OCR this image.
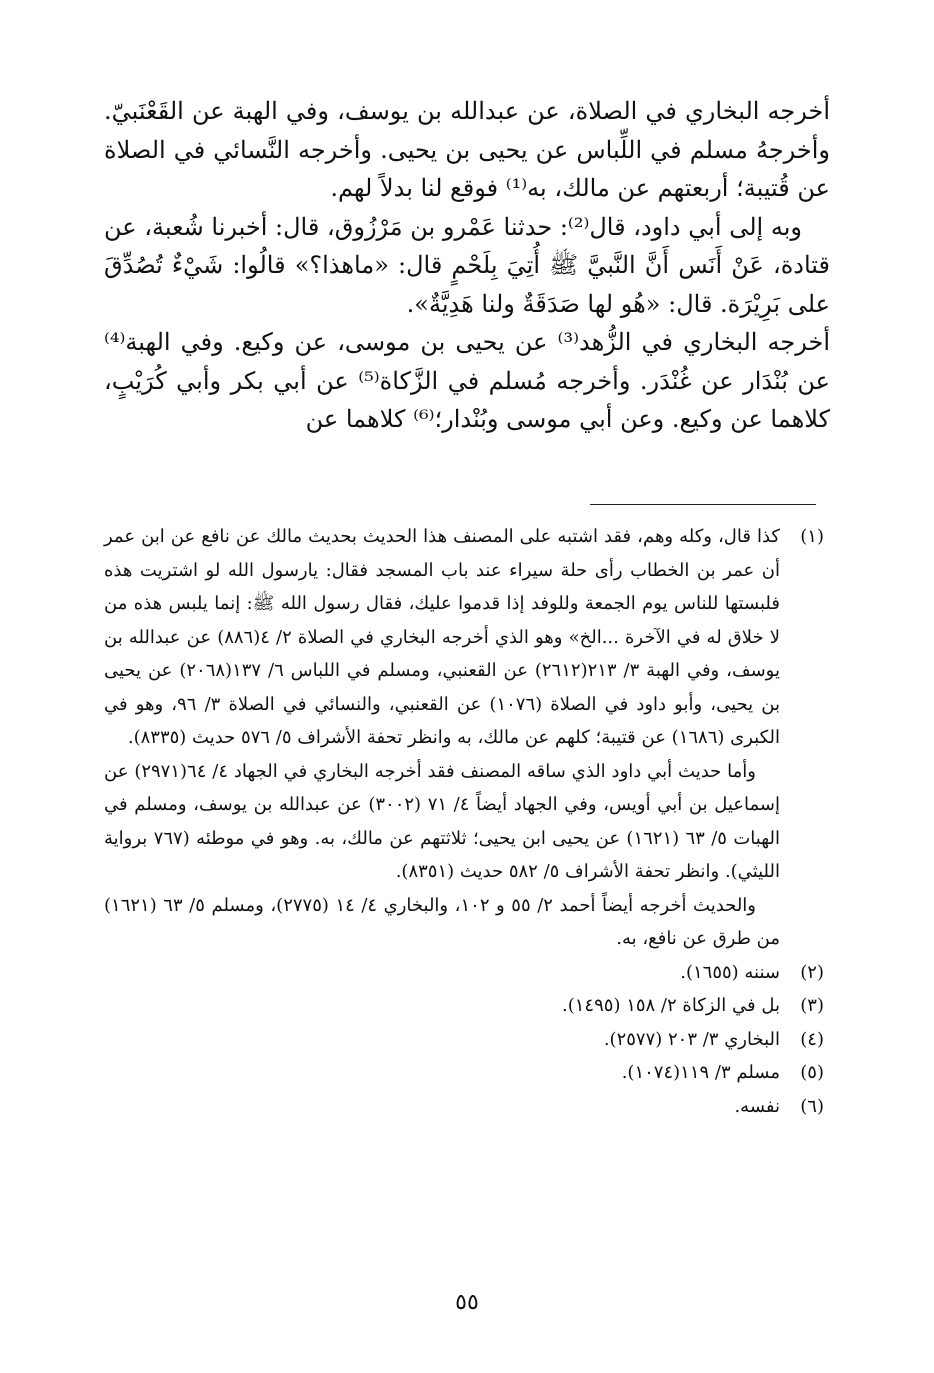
أخرجه البخاري في الصلاة، عن عبدالله بن يوسف، وفي الهبة عن القَعْنَبيّ. وأخرجهُ مسلم في اللِّباس عن يحيى بن يحيى. وأخرجه النَّسائي في الصلاة عن قُتيبة؛ أربعتهم عن مالك، به⁽¹⁾ فوقع لنا بدلاً لهم.

وبه إلى أبي داود، قال⁽²⁾: حدثنا عَمْرو بن مَرْزُوق، قال: أخبرنا شُعبة، عن قتادة، عَنْ أَنَس أَنَّ النَّبيَّ ﷺ أُتِيَ بِلَحْمٍ قال: «ماهذا؟» قالُوا: شَيْءٌ تُصُدِّقَ على بَرِيْرَة. قال: «هُو لها صَدَقَةٌ ولنا هَدِيَّةٌ».

أخرجه البخاري في الزُّهد⁽³⁾ عن يحيى بن موسى، عن وكيع. وفي الهبة⁽⁴⁾ عن بُنْدَار عن غُنْدَر. وأخرجه مُسلم في الزَّكاة⁽⁵⁾ عن أبي بكر وأبي كُرَيْبٍ، كلاهما عن وكيع. وعن أبي موسى وبُنْدار؛⁽⁶⁾ كلاهما عن

(١)

كذا قال، وكله وهم، فقد اشتبه على المصنف هذا الحديث بحديث مالك عن نافع عن ابن عمر أن عمر بن الخطاب رأى حلة سيراء عند باب المسجد فقال: يارسول الله لو اشتريت هذه فلبستها للناس يوم الجمعة وللوفد إذا قدموا عليك، فقال رسول الله ﷺ: إنما يلبس هذه من لا خلاق له في الآخرة ...الخ» وهو الذي أخرجه البخاري في الصلاة ٢/ ٤(٨٨٦) عن عبدالله بن يوسف، وفي الهبة ٣/ ٢١٣(٢٦١٢) عن القعنبي، ومسلم في اللباس ٦/ ١٣٧(٢٠٦٨) عن يحيى بن يحيى، وأبو داود في الصلاة (١٠٧٦) عن القعنبي، والنسائي في الصلاة ٣/ ٩٦، وهو في الكبرى (١٦٨٦) عن قتيبة؛ كلهم عن مالك، به وانظر تحفة الأشراف ٥/ ٥٧٦ حديث (٨٣٣٥).

وأما حديث أبي داود الذي ساقه المصنف فقد أخرجه البخاري في الجهاد ٤/ ٦٤(٢٩٧١) عن إسماعيل بن أبي أويس، وفي الجهاد أيضاً ٤/ ٧١ (٣٠٠٢) عن عبدالله بن يوسف، ومسلم في الهبات ٥/ ٦٣ (١٦٢١) عن يحيى ابن يحيى؛ ثلاثتهم عن مالك، به. وهو في موطئه (٧٦٧ برواية الليثي). وانظر تحفة الأشراف ٥/ ٥٨٢ حديث (٨٣٥١).

والحديث أخرجه أيضاً أحمد ٢/ ٥٥ و ١٠٢، والبخاري ٤/ ١٤ (٢٧٧٥)، ومسلم ٥/ ٦٣ (١٦٢١) من طرق عن نافع، به.

(٢)

سننه (١٦٥٥).

(٣)

بل في الزكاة ٢/ ١٥٨ (١٤٩٥).

(٤)

البخاري ٣/ ٢٠٣ (٢٥٧٧).

(٥)

مسلم ٣/ ١١٩(١٠٧٤).

(٦)

نفسه.

٥٥
